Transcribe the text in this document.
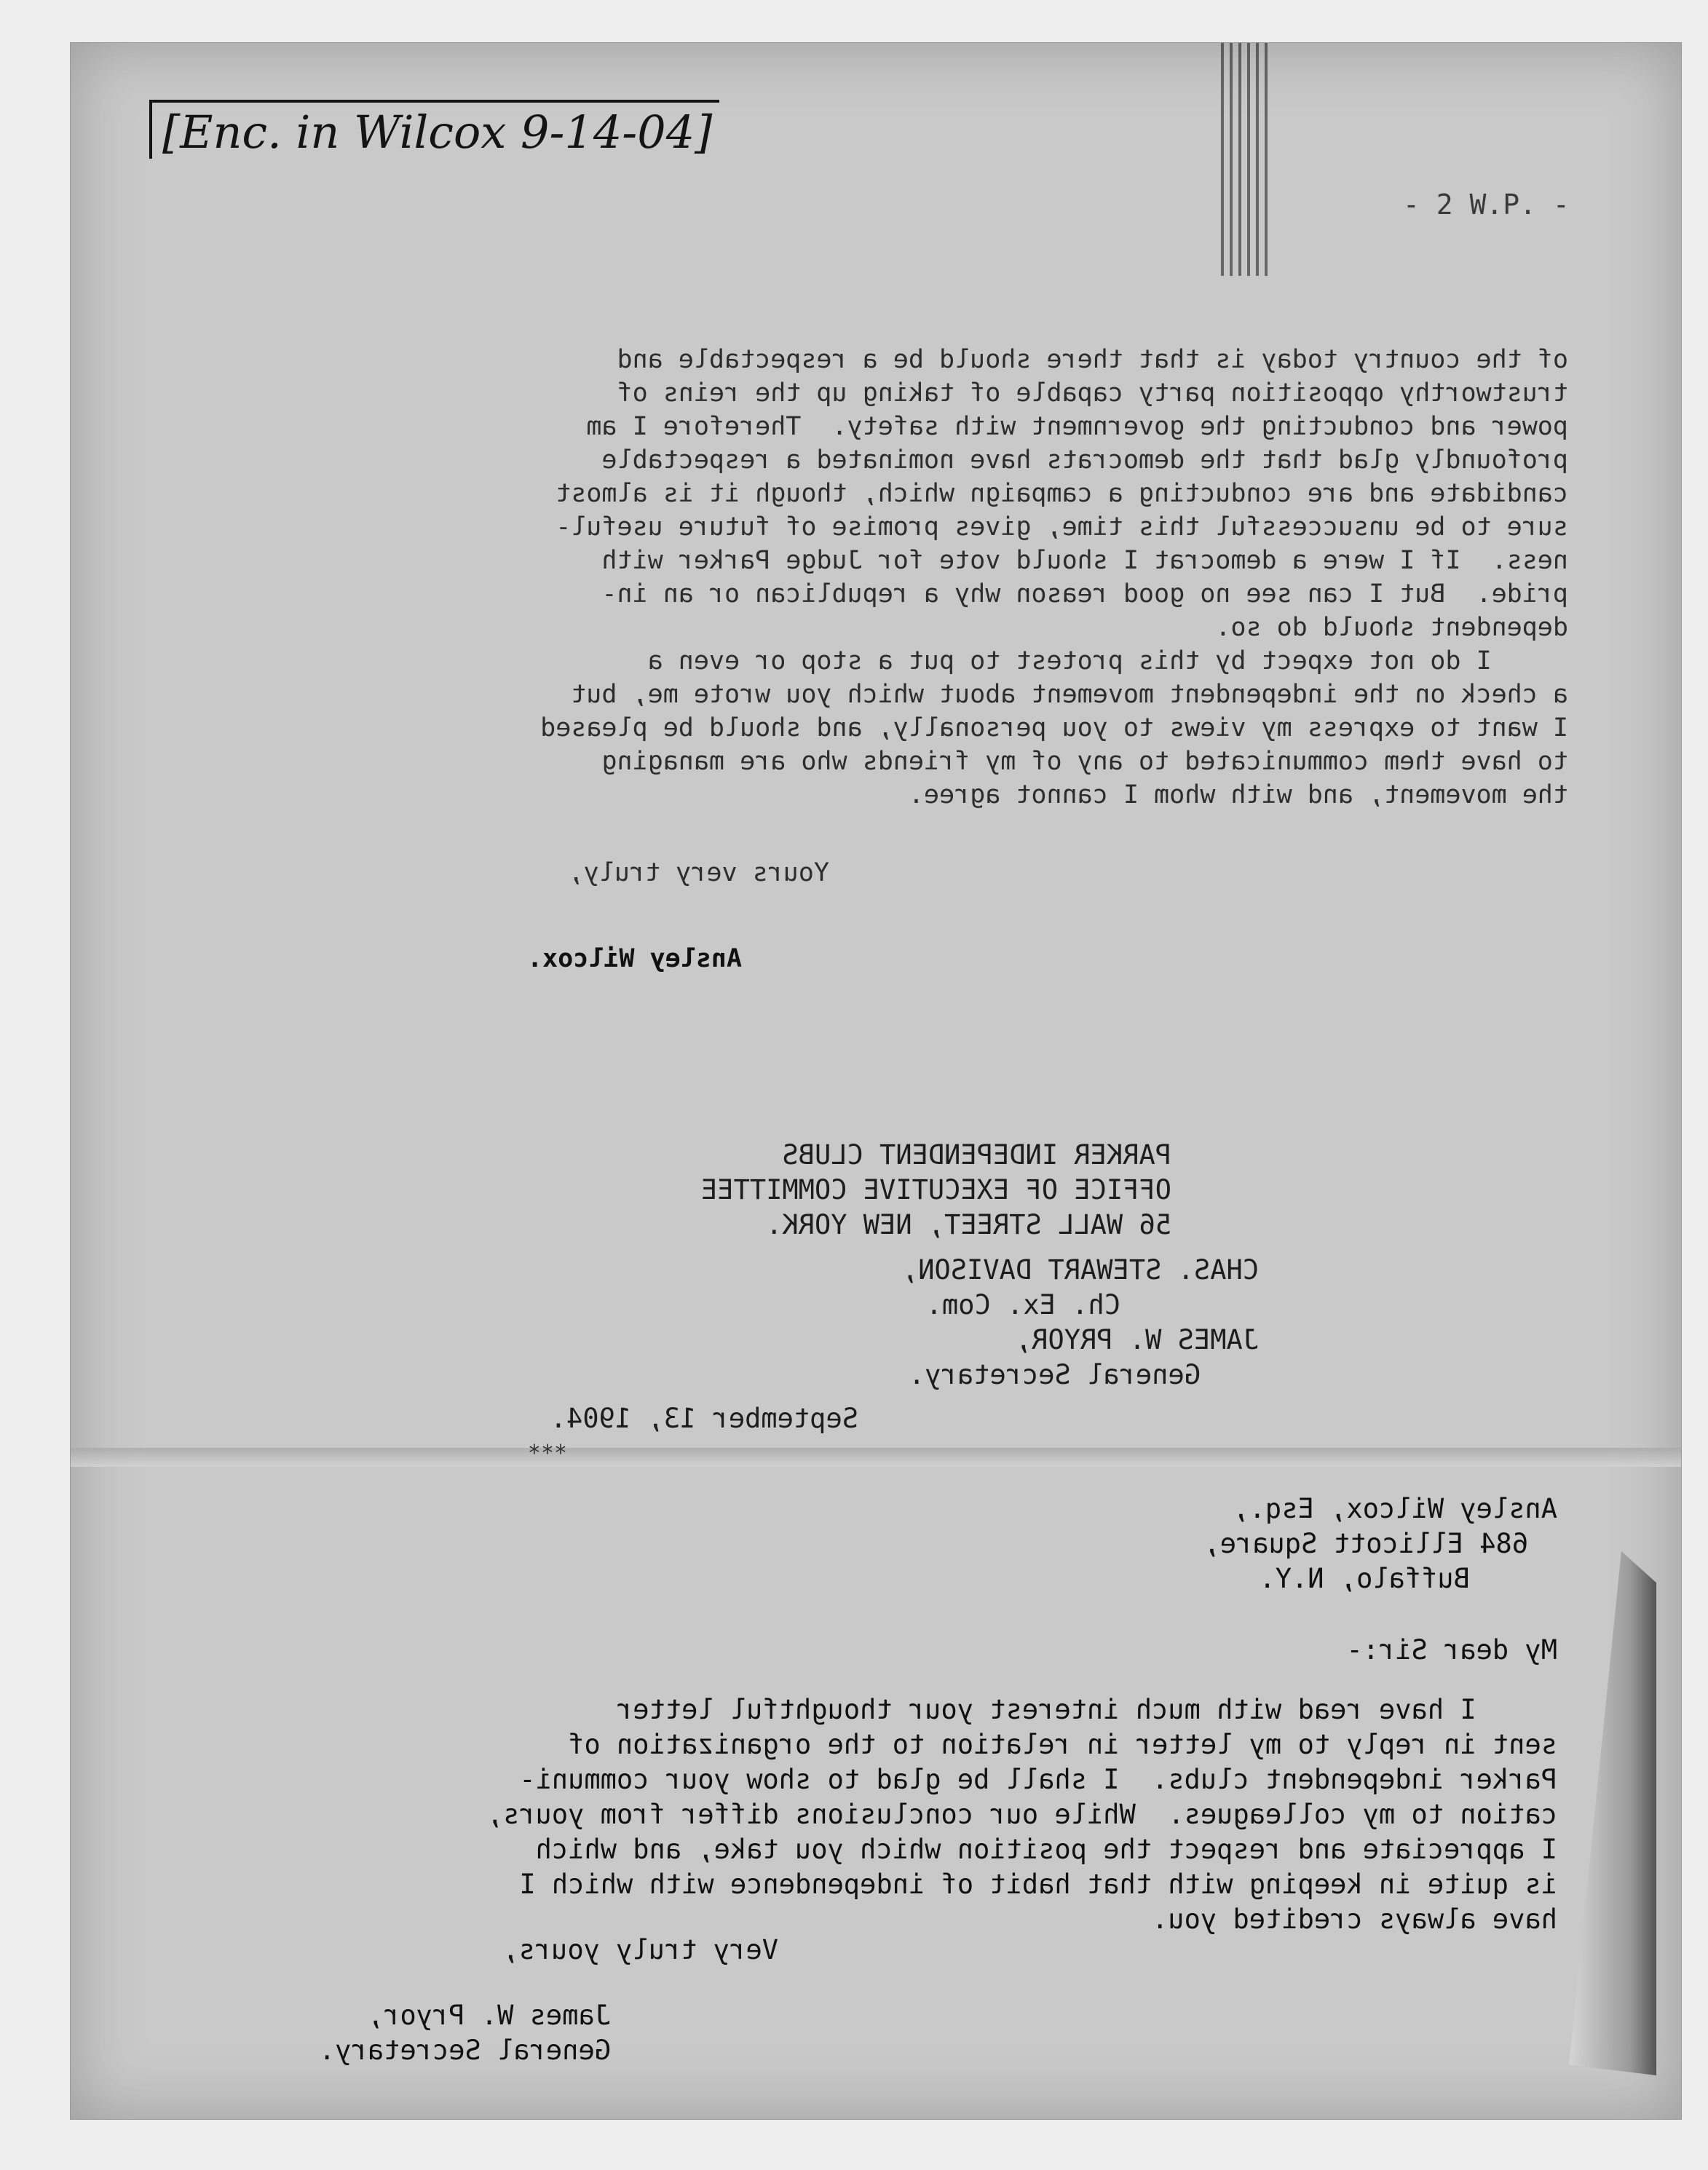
[Enc. in Wilcox 9-14-04]

- 2 W.P. -

of the country today is that there should be a respectable and

trustworthy opposition party capable of taking up the reins of

power and conducting the government with safety.  Therefore I am

profoundly glad that the democrats have nominated a respectable

candidate and are conducting a campaign which, though it is almost

sure to be unsuccessful this time, gives promise of future useful-

ness.  If I were a democrat I should vote for Judge Parker with

pride.  But I can see no good reason why a republican or an in-

dependent should do so.

I do not expect by this protest to put a stop or even a

a check on the independent movement about which you wrote me, but

I want to express my views to you personally, and should be pleased

to have them communicated to any of my friends who are managing

the movement, and with whom I cannot agree.

Yours very truly,

Ansley Wilcox.

PARKER INDEPENDENT CLUBS

OFFICE OF EXECUTIVE COMMITTEE

56 WALL STREET, NEW YORK.

CHAS. STEWART DAVISON,

Ch. Ex. Com.

JAMES W. PRYOR,

General Secretary.

September 13, 1904.

***

Ansley Wilcox, Esq.,

684 Ellicott Square,

Buffalo, N.Y.

My dear Sir:-

I have read with much interest your thoughtful letter

sent in reply to my letter in relation to the organization of

Parker independent clubs.  I shall be glad to show your communi-

cation to my colleagues.  While our conclusions differ from yours,

I appreciate and respect the position which you take, and which

is quite in keeping with that habit of independence with which I

have always credited you.

Very truly yours,

James W. Pryor,

General Secretary.
